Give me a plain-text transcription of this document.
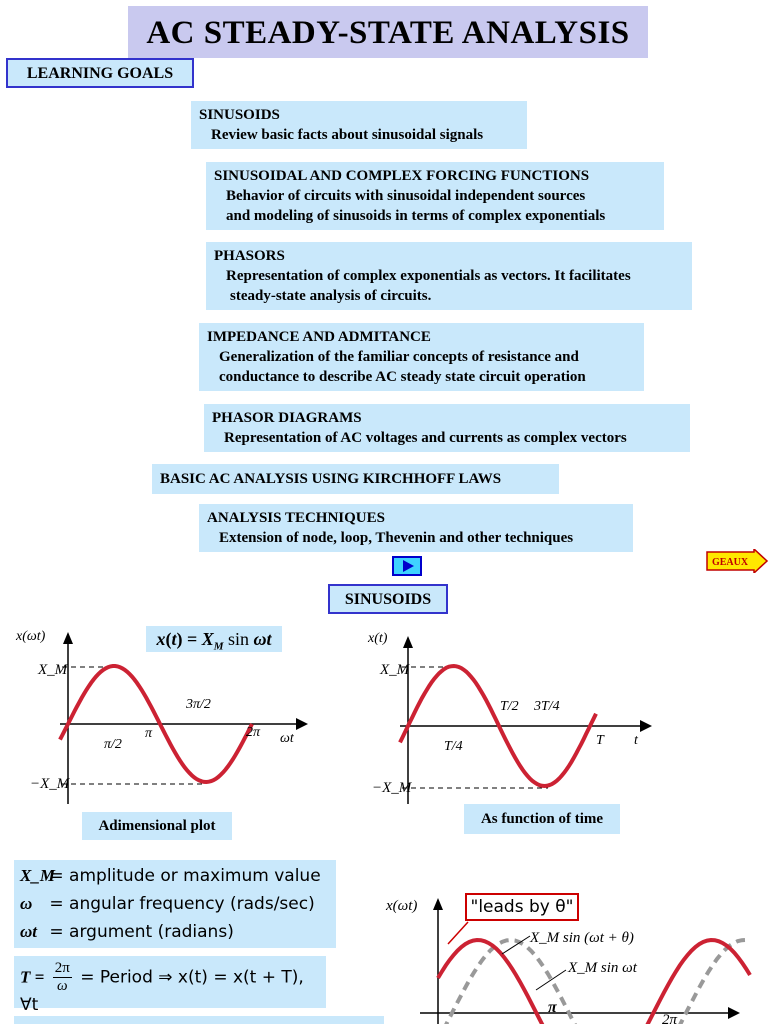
AC STEADY-STATE ANALYSIS
LEARNING GOALS
SINUSOIDS
Review basic facts about sinusoidal signals
SINUSOIDAL AND COMPLEX FORCING FUNCTIONS
Behavior of circuits with sinusoidal independent sources
and modeling of sinusoids in terms of complex exponentials
PHASORS
Representation of complex exponentials as vectors. It facilitates
steady-state analysis of circuits.
IMPEDANCE AND ADMITANCE
Generalization of the familiar concepts of resistance and
conductance to describe AC steady state circuit operation
PHASOR DIAGRAMS
Representation of AC voltages and currents as complex vectors
BASIC AC ANALYSIS USING KIRCHHOFF LAWS
ANALYSIS TECHNIQUES
Extension of node, loop, Thevenin and other techniques
GEAUX
SINUSOIDS
$x(t) = X_M$ sin ωt
x(ωt)
X_M
−X_M
π/2
π
3π/2
2π ωt
Adimensional plot
x(t)
X_M
−X_M
T/4
T/2 3T/4
T t
As function of time
X_M = amplitude or maximum value
ω = angular frequency (rads/sec)
ωt = argument (radians)
$T = \frac{2\pi}{\omega}$ = Period ⇒ x(t) = x(t + T), ∀t
"leads by θ"
x(ωt)
X_M sin (ωt + θ)
X_M sin ωt
π
2π
